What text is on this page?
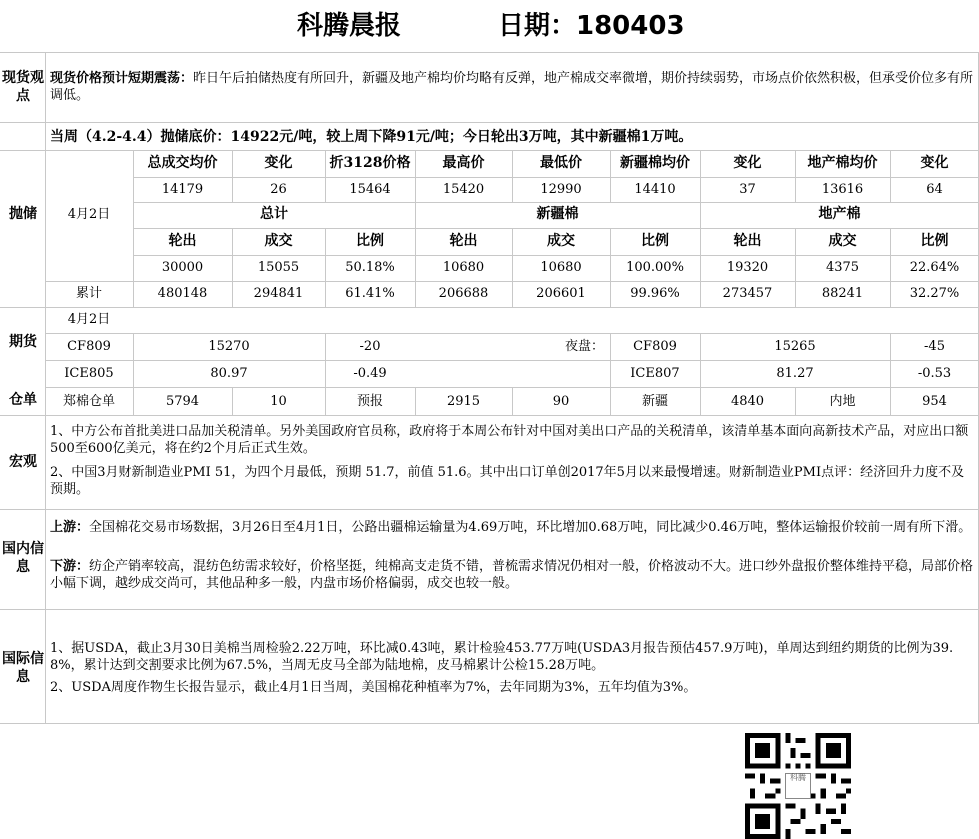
科腾晨报	日期：180403
现货观点
现货价格预计短期震荡：昨日午后拍储热度有所回升，新疆及地产棉均价均略有反弹，地产棉成交率微增，期价持续弱势，市场点价依然积极，但承受价位多有所调低。
抛储
当周（4.2-4.4）抛储底价：14922元/吨，较上周下降91元/吨；今日轮出3万吨，其中新疆棉1万吨。
4月2日
总成交均价	变化	折3128价格	最高价	最低价	新疆棉均价	变化	地产棉均价	变化
14179	26	15464	15420	12990	14410	37	13616	64
总计	新疆棉	地产棉
轮出	成交	比例	轮出	成交	比例	轮出	成交	比例
30000	15055	50.18%	10680	10680	100.00%	19320	4375	22.64%
累计	480148	294841	61.41%	206688	206601	99.96%	273457	88241	32.27%
4月2日
期货	CF809	15270	-20	夜盘：	CF809	15265	-45
ICE805	80.97	-0.49	ICE807	81.27	-0.53
仓单	郑棉仓单	5794	10	预报	2915	90	新疆	4840	内地	954
宏观
1、中方公布首批美进口品加关税清单。另外美国政府官员称，政府将于本周公布针对中国对美出口产品的关税清单，该清单基本面向高新技术产品，对应出口额500至600亿美元，将在约2个月后正式生效。
2、中国3月财新制造业PMI 51，为四个月最低，预期 51.7，前值 51.6。其中出口订单创2017年5月以来最慢增速。财新制造业PMI点评：经济回升力度不及预期。
国内信息
上游：全国棉花交易市场数据，3月26日至4月1日，公路出疆棉运输量为4.69万吨，环比增加0.68万吨，同比减少0.46万吨，整体运输报价较前一周有所下滑。
下游：纺企产销率较高，混纺色纺需求较好，价格坚挺，纯棉高支走货不错，普梳需求情况仍相对一般，价格波动不大。进口纱外盘报价整体维持平稳，局部价格小幅下调，越纱成交尚可，其他品种多一般，内盘市场价格偏弱，成交也较一般。
国际信息
1、据USDA，截止3月30日美棉当周检验2.22万吨，环比减0.43吨，累计检验453.77万吨(USDA3月报告预估457.9万吨)，单周达到纽约期货的比例为39.8%，累计达到交割要求比例为67.5%，当周无皮马全部为陆地棉，皮马棉累计公检15.28万吨。
2、USDA周度作物生长报告显示，截止4月1日当周，美国棉花种植率为7%，去年同期为3%，五年均值为3%。
科腾
